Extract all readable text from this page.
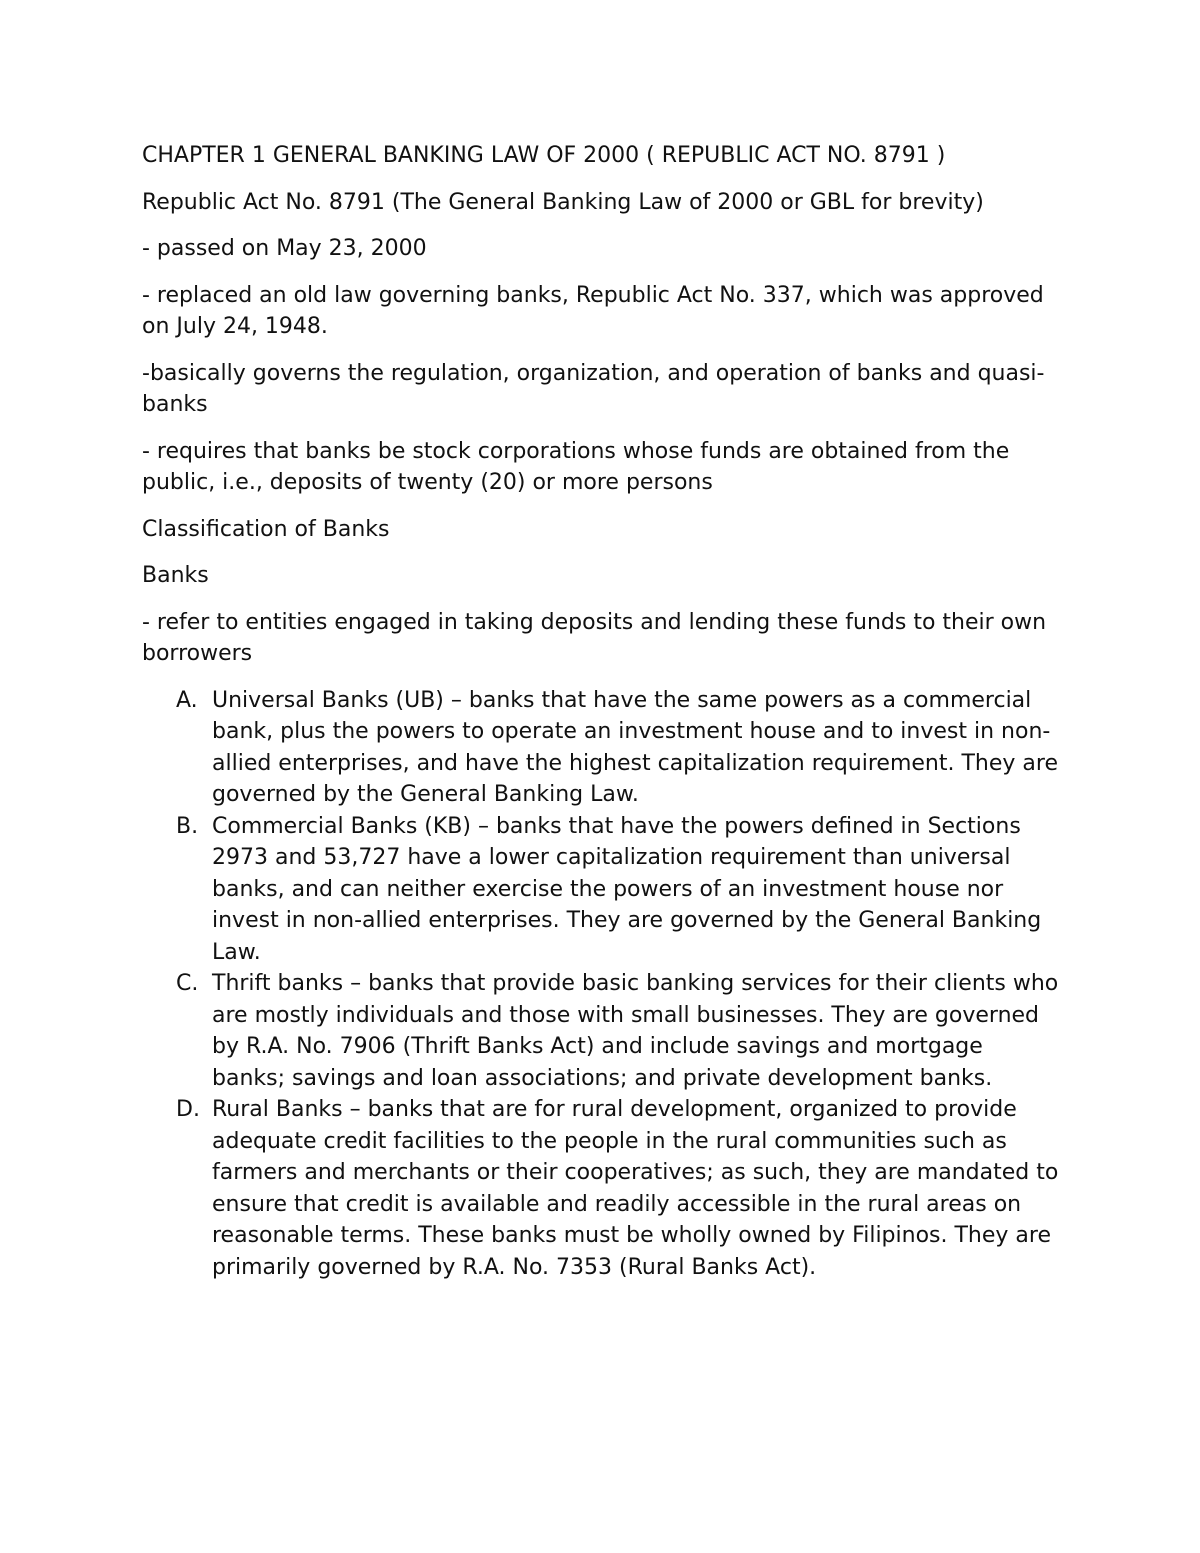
CHAPTER 1 GENERAL BANKING LAW OF 2000 ( REPUBLIC ACT NO. 8791 )

Republic Act No. 8791 (The General Banking Law of 2000 or GBL for brevity)

- passed on May 23, 2000

- replaced an old law governing banks, Republic Act No. 337, which was approved on July 24, 1948.

-basically governs the regulation, organization, and operation of banks and quasi-banks

- requires that banks be stock corporations whose funds are obtained from the public, i.e., deposits of twenty (20) or more persons

Classification of Banks

Banks

- refer to entities engaged in taking deposits and lending these funds to their own borrowers

A. Universal Banks (UB) – banks that have the same powers as a commercial bank, plus the powers to operate an investment house and to invest in non-allied enterprises, and have the highest capitalization requirement. They are governed by the General Banking Law.
B. Commercial Banks (KB) – banks that have the powers defined in Sections 2973 and 53,727 have a lower capitalization requirement than universal banks, and can neither exercise the powers of an investment house nor invest in non-allied enterprises. They are governed by the General Banking Law.
C. Thrift banks – banks that provide basic banking services for their clients who are mostly individuals and those with small businesses. They are governed by R.A. No. 7906 (Thrift Banks Act) and include savings and mortgage banks; savings and loan associations; and private development banks.
D. Rural Banks – banks that are for rural development, organized to provide adequate credit facilities to the people in the rural communities such as farmers and merchants or their cooperatives; as such, they are mandated to ensure that credit is available and readily accessible in the rural areas on reasonable terms. These banks must be wholly owned by Filipinos. They are primarily governed by R.A. No. 7353 (Rural Banks Act).
